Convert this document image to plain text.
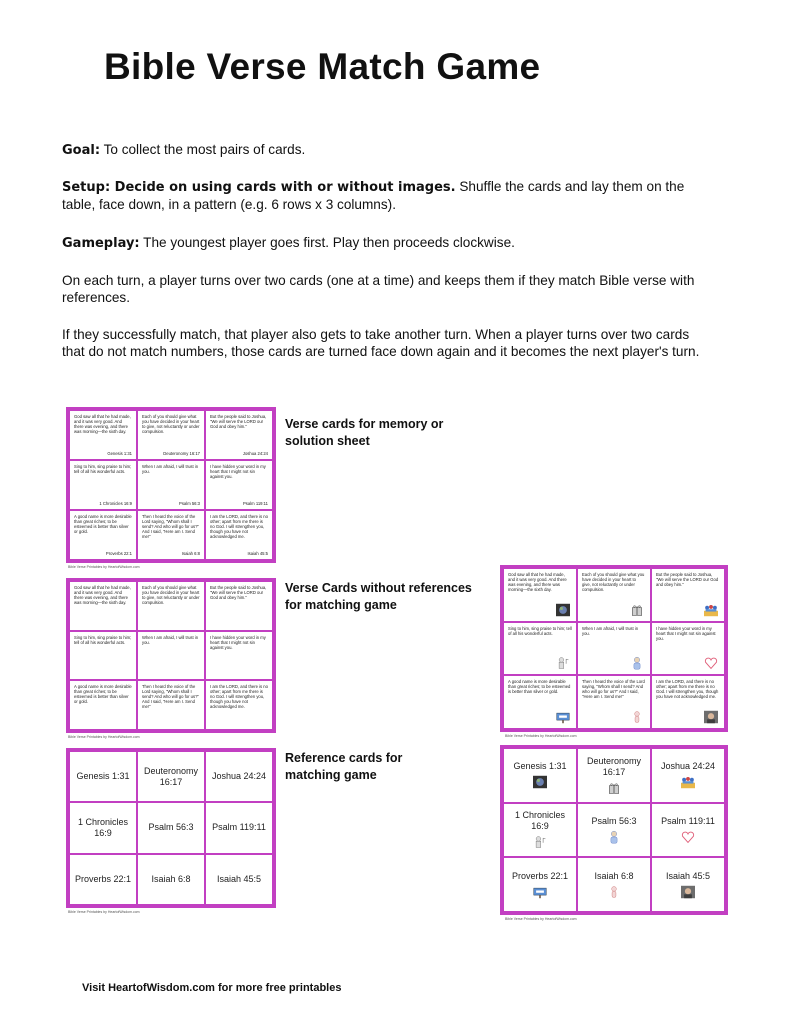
Bible Verse Match Game

Goal: To collect the most pairs of cards.

Setup: Decide on using cards with or without images. Shuffle the cards and lay them on the table, face down, in a pattern (e.g. 6 rows x 3 columns).

Gameplay: The youngest player goes first. Play then proceeds clockwise.

On each turn, a player turns over two cards (one at a time) and keeps them if they match Bible verse with references.

If they successfully match, that player also gets to take another turn. When a player turns over two cards that do not match numbers, those cards are turned face down again and it becomes the next player's turn.

God saw all that he had made, and it was very good. And there was evening, and there was morning—the sixth day.
Genesis 1:31
Each of you should give what you have decided in your heart to give, not reluctantly or under compulsion.
Deuteronomy 16:17
But the people said to Joshua, "We will serve the LORD our God and obey him."
Joshua 24:24
Sing to him, sing praise to him; tell of all his wonderful acts.
1 Chronicles 16:9
When I am afraid, I will trust in you.
Psalm 56:3
I have hidden your word in my heart that I might not sin against you.
Psalm 119:11
A good name is more desirable than great riches; to be esteemed is better than silver or gold.
Proverbs 22:1
Then I heard the voice of the Lord saying, "Whom shall I send? And who will go for us?" And I said, "Here am I. Send me!"
Isaiah 6:8
I am the LORD, and there is no other; apart from me there is no God. I will strengthen you, though you have not acknowledged me.
Isaiah 45:5
Bible Verse Printables by HeartofWisdom.com

Verse cards for memory or solution sheet

God saw all that he had made, and it was very good. And there was evening, and there was morning—the sixth day.
Each of you should give what you have decided in your heart to give, not reluctantly or under compulsion.
But the people said to Joshua, "We will serve the LORD our God and obey him."
Sing to him, sing praise to him; tell of all his wonderful acts.
When I am afraid, I will trust in you.
I have hidden your word in my heart that I might not sin against you.
A good name is more desirable than great riches; to be esteemed is better than silver or gold.
Then I heard the voice of the Lord saying, "Whom shall I send? And who will go for us?" And I said, "Here am I. Send me!"
I am the LORD, and there is no other; apart from me there is no God. I will strengthen you, though you have not acknowledged me.
Bible Verse Printables by HeartofWisdom.com

Verse Cards without references for matching game

God saw all that he had made, and it was very good. And there was evening, and there was morning—the sixth day.
Each of you should give what you have decided in your heart to give, not reluctantly or under compulsion.
But the people said to Joshua, "We will serve the LORD our God and obey him."
Sing to him, sing praise to him; tell of all his wonderful acts.
When I am afraid, I will trust in you.
I have hidden your word in my heart that I might not sin against you.
A good name is more desirable than great riches; to be esteemed is better than silver or gold.
Then I heard the voice of the Lord saying, "Whom shall I send? And who will go for us?" And I said, "Here am I. Send me!"
I am the LORD, and there is no other; apart from me there is no God. I will strengthen you, though you have not acknowledged me.
Bible Verse Printables by HeartofWisdom.com
Genesis 1:31
Deuteronomy 16:17
Joshua 24:24
1 Chronicles 16:9
Psalm 56:3 Psalm 119:11
Proverbs 22:1 Isaiah 6:8	Isaiah 45:5
Bible Verse Printables by HeartofWisdom.com

Reference cards for matching game

Genesis 1:31
Deuteronomy 16:17
Joshua 24:24
1 Chronicles 16:9
Psalm 56:3	Psalm 119:11
Proverbs 22:1	Isaiah 6:8	Isaiah 45:5
Bible Verse Printables by HeartofWisdom.com

Visit HeartofWisdom.com for more free printables
